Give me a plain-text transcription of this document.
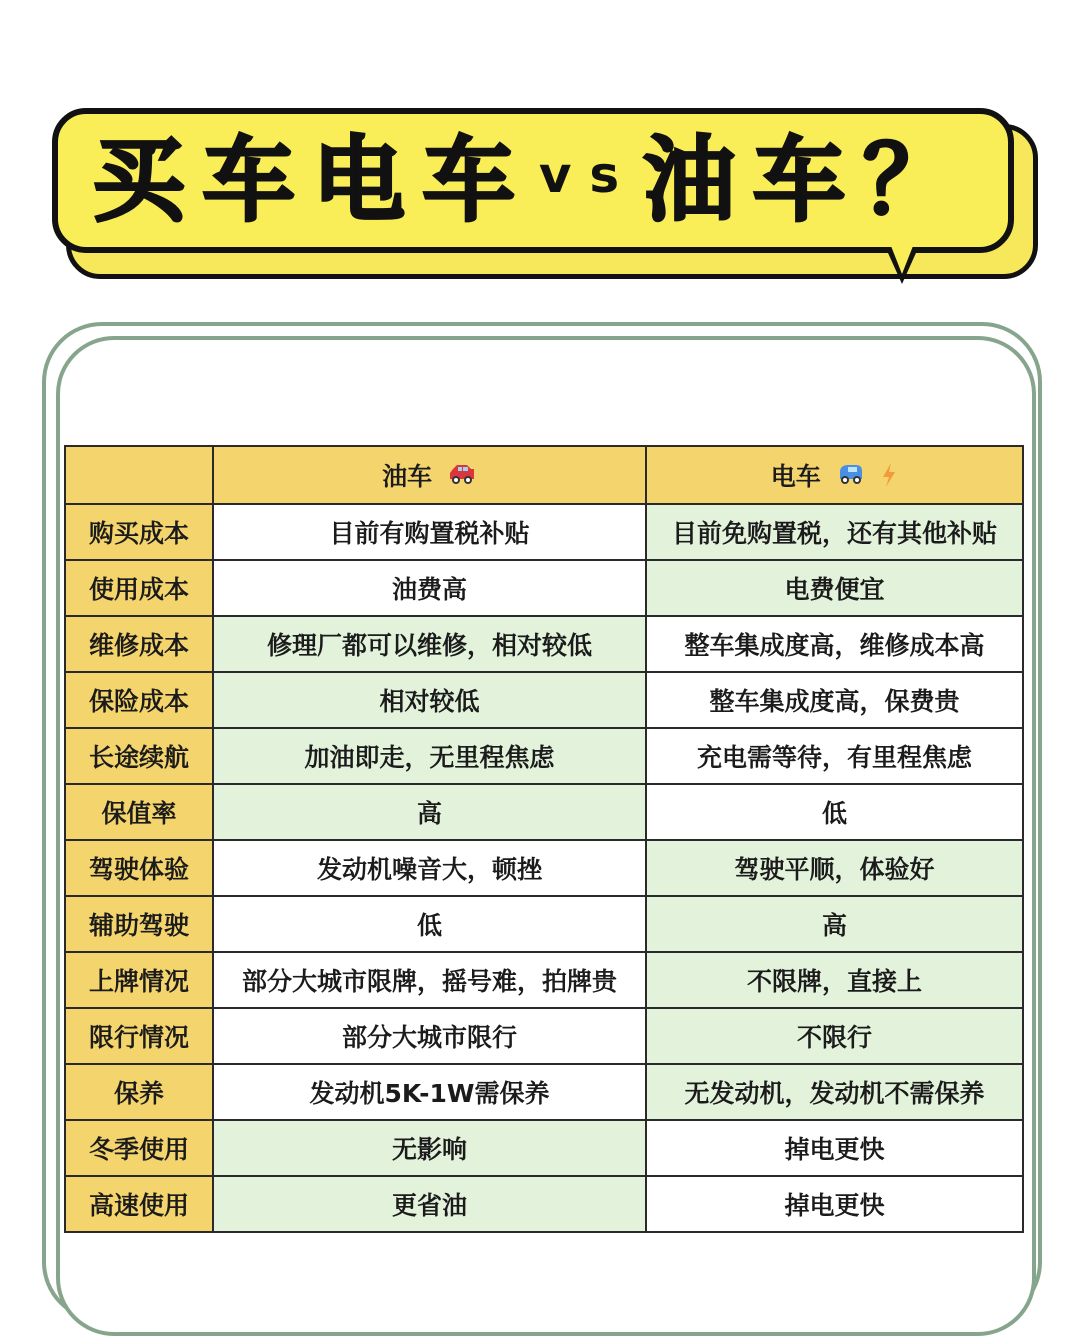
买车电车 vs 油车？
	油车	电车
购买成本	目前有购置税补贴	目前免购置税，还有其他补贴
使用成本	油费高	电费便宜
维修成本	修理厂都可以维修，相对较低	整车集成度高，维修成本高
保险成本	相对较低	整车集成度高，保费贵
长途续航	加油即走，无里程焦虑	充电需等待，有里程焦虑
保值率	高	低
驾驶体验	发动机噪音大，顿挫	驾驶平顺，体验好
辅助驾驶	低	高
上牌情况	部分大城市限牌，摇号难，拍牌贵	不限牌，直接上
限行情况	部分大城市限行	不限行
保养	发动机5K-1W需保养	无发动机，发动机不需保养
冬季使用	无影响	掉电更快
高速使用	更省油	掉电更快
